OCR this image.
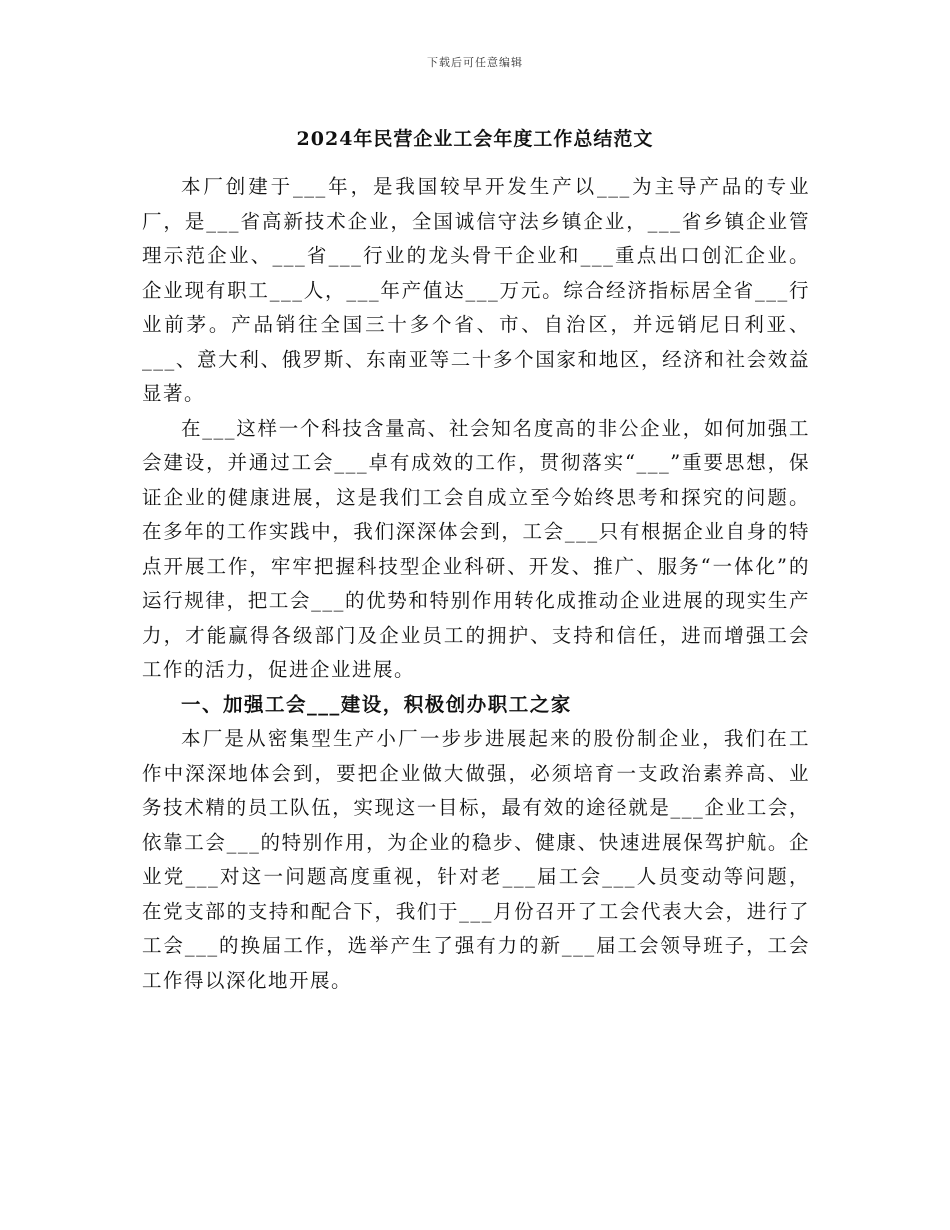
下载后可任意编辑
2024年民营企业工会年度工作总结范文

本厂创建于___年，是我国较早开发生产以___为主导产品的专业厂，是___省高新技术企业，全国诚信守法乡镇企业，___省乡镇企业管理示范企业、___省___行业的龙头骨干企业和___重点出口创汇企业。企业现有职工___人，___年产值达___万元。综合经济指标居全省___行业前茅。产品销往全国三十多个省、市、自治区，并远销尼日利亚、___、意大利、俄罗斯、东南亚等二十多个国家和地区，经济和社会效益显著。

在___这样一个科技含量高、社会知名度高的非公企业，如何加强工会建设，并通过工会___卓有成效的工作，贯彻落实“___”重要思想，保证企业的健康进展，这是我们工会自成立至今始终思考和探究的问题。在多年的工作实践中，我们深深体会到，工会___只有根据企业自身的特点开展工作，牢牢把握科技型企业科研、开发、推广、服务“一体化”的运行规律，把工会___的优势和特别作用转化成推动企业进展的现实生产力，才能赢得各级部门及企业员工的拥护、支持和信任，进而增强工会工作的活力，促进企业进展。

一、加强工会___建设，积极创办职工之家

本厂是从密集型生产小厂一步步进展起来的股份制企业，我们在工作中深深地体会到，要把企业做大做强，必须培育一支政治素养高、业务技术精的员工队伍，实现这一目标，最有效的途径就是___企业工会，依靠工会___的特别作用，为企业的稳步、健康、快速进展保驾护航。企业党___对这一问题高度重视，针对老___届工会___人员变动等问题，在党支部的支持和配合下，我们于___月份召开了工会代表大会，进行了工会___的换届工作，选举产生了强有力的新___届工会领导班子，工会工作得以深化地开展。
